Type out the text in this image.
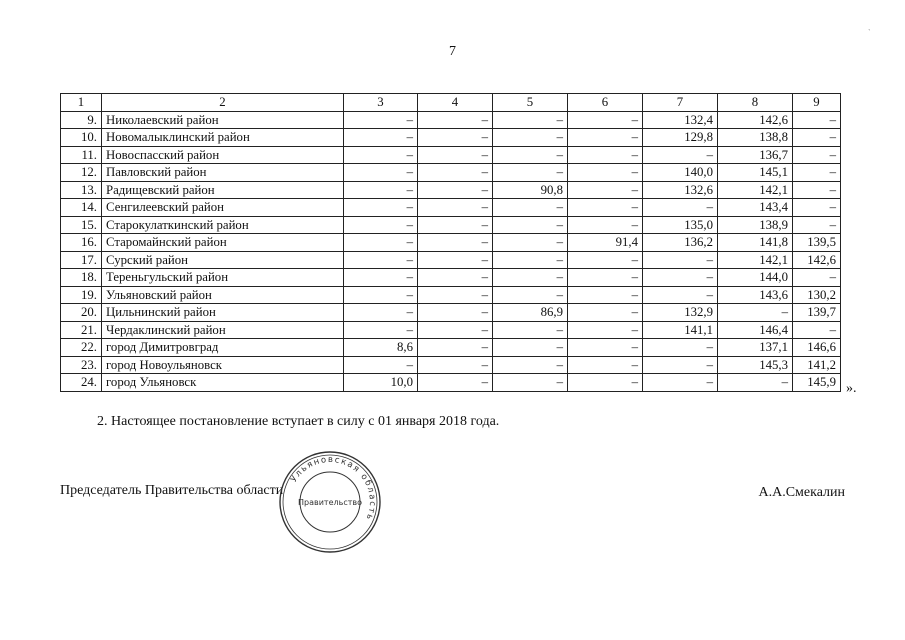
7
ˋ
1	2	3	4	5	6	7	8	9
9.	Николаевский район	–	–	–	–	132,4	142,6	–
10.	Новомалыклинский район	–	–	–	–	129,8	138,8	–
11.	Новоспасский район	–	–	–	–	–	136,7	–
12.	Павловский район	–	–	–	–	140,0	145,1	–
13.	Радищевский район	–	–	90,8	–	132,6	142,1	–
14.	Сенгилеевский район	–	–	–	–	–	143,4	–
15.	Старокулаткинский район	–	–	–	–	135,0	138,9	–
16.	Старомайнский район	–	–	–	91,4	136,2	141,8	139,5
17.	Сурский район	–	–	–	–	–	142,1	142,6
18.	Тереньгульский район	–	–	–	–	–	144,0	–
19.	Ульяновский район	–	–	–	–	–	143,6	130,2
20.	Цильнинский район	–	–	86,9	–	132,9	–	139,7
21.	Чердаклинский район	–	–	–	–	141,1	146,4	–
22.	город Димитровград	8,6	–	–	–	–	137,1	146,6
23.	город Новоульяновск	–	–	–	–	–	145,3	141,2
24.	город Ульяновск	10,0	–	–	–	–	–	145,9 ».
2. Настоящее постановление вступает в силу с 01 января 2018 года.
Председатель Правительства области	А.А.Смекалин
Ульяновская область
Правительство
